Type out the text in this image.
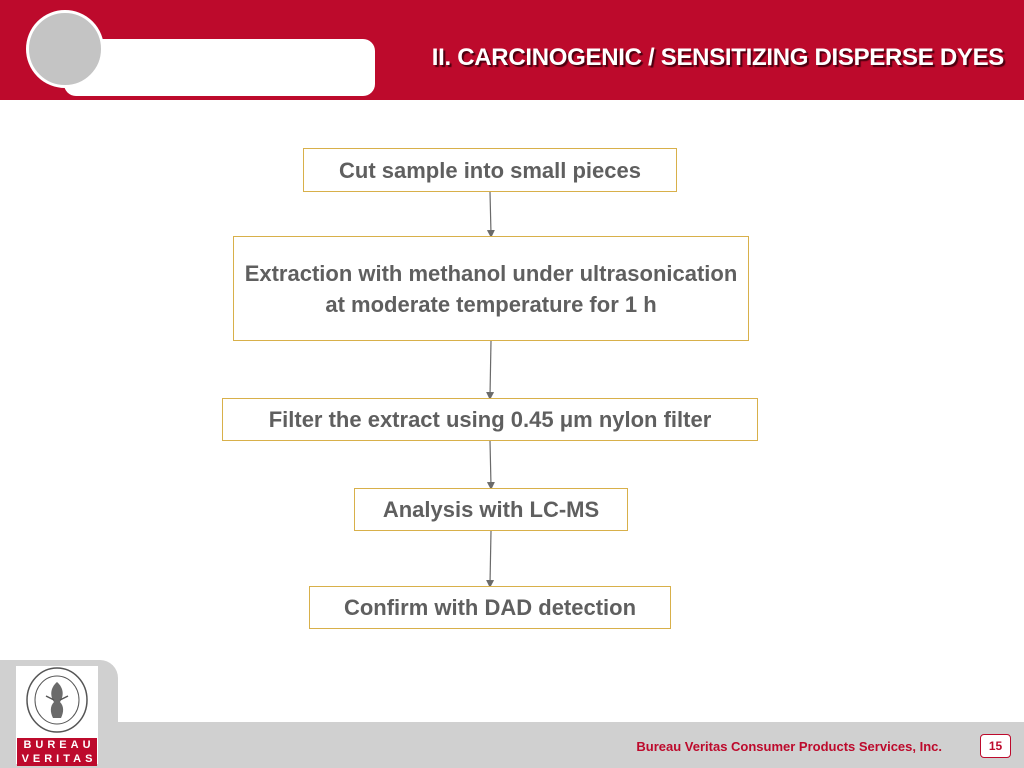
II. CARCINOGENIC / SENSITIZING DISPERSE DYES
Cut sample into small pieces
Extraction with methanol under ultrasonication at moderate temperature for 1 h
Filter the extract using 0.45 μm nylon filter
Analysis with LC-MS
Confirm with DAD detection
BUREAU
VERITAS
Bureau Veritas Consumer Products Services, Inc.	15
